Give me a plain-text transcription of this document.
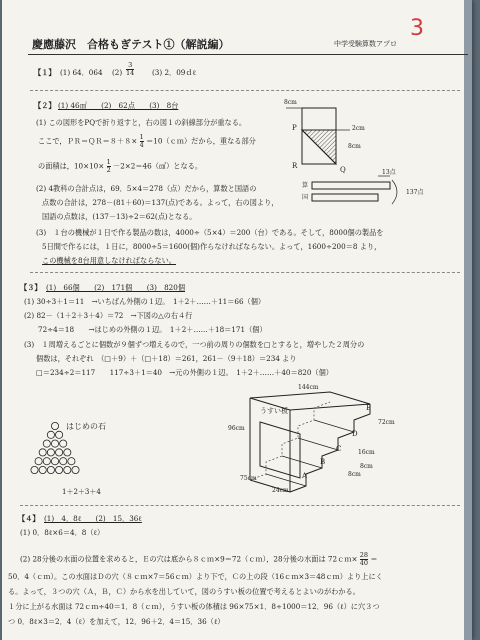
慶應藤沢　合格もぎテスト①（解説編）	中学受験算数アプロ
3
【１】 (1) 64．064 $(2) \frac{3}{14} (3)$ 2．09ｄℓ
【２】 (1) 46㎠　　(2)　62点　　(3)　8台
(1) この図形をPQで折り返すと，右の図１の斜線部分が重なる。
ここで，ＰＲ＝ＱＲ＝８＋８× $\frac{1}{4}$ ＝10（ｃｍ）だから，重なる部分
の面積は，$10\times 10\times \frac{1}{2}$ －2×2＝46（㎠）となる。
(2) 4教科の合計点は，69．5×4＝278（点）だから，算数と国語の
点数の合計は，278－(81＋60)＝137(点)である。よって，右の図より，
国語の点数は，(137－13)÷2＝62(点)となる。
(3)　１台の機械が１日で作る製品の数は，4000÷（5×4）＝200（台）である。そして，8000個の製品を
5日間で作るには，１日に，8000÷5＝1600(個)作らなければならない。よって，1600÷200＝8 より，
この機械を8台用意しなければならない。
8cm
P
Q
R
2cm
8cm
算
国
13点
137点
【３】 (1)　66個　　(2)　171個　　(3)　820個
(1) 30÷3＋1＝11　→いちばん外側の１辺。　1＋2＋……＋11＝66（個）
(2) 82－（1＋2＋3＋4）＝72　→下図の△の右４行
72÷4＝18　　→はじめの外側の１辺。　1＋2＋……＋18＝171（個）
(3)　１周増えるごとに個数が９個ずつ増えるので，一つ前の周りの個数を□とすると，増やした２周分の
個数は，それぞれ　（□＋9）＋（□＋18）＝261，261－（9＋18）＝234 より
□＝234÷2＝117　　117÷3＋1＝40　→元の外側の１辺。　1＋2＋……＋40＝820（個）
はじめの石
1＋2＋3＋4
144cm
うすい板
96cm
A
B
C
D
E
72cm
75cm
24cm
16cm
8cm
8cm
【４】 (1)　4．8ℓ　　(2)　15．36ℓ
(1) 0．8ℓ×6＝4．8（ℓ）
(2) 28分後の水面の位置を求めると，Ｅの穴は底から８ｃｍ×9＝72（ｃｍ），28分後の水面は 72ｃｍ× $\frac{28}{40}$ ＝
50．4（ｃｍ）。この水面はＤの穴（８ｃｍ×7＝56ｃｍ）より下で，Ｃの上の段（16ｃｍ×3＝48ｃｍ）より上にく
る。よって，３つの穴（Ａ，Ｂ，Ｃ）から水を出していて，図のうすい板の位置で考えるとよいのがわかる。
１分に上がる水面は 72ｃｍ÷40＝1．8（ｃｍ），うすい板の体積は 96×75×1．8÷1000＝12．96（ℓ）に穴３つ
つ 0．8ℓ×3＝2．4（ℓ）を加えて，12．96＋2．4＝15．36（ℓ）
